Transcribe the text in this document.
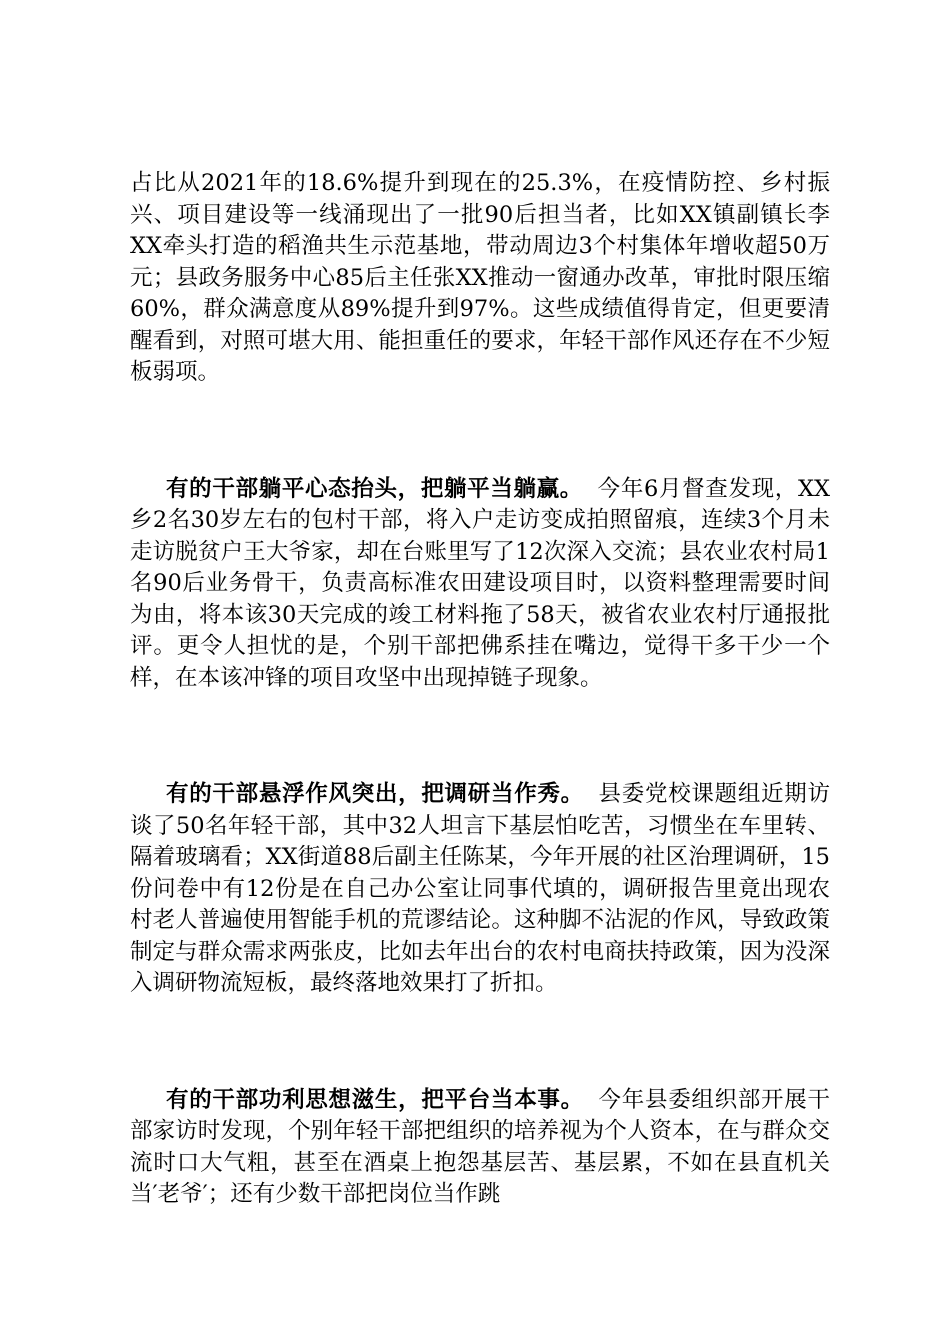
占比从2021年的18.6%提升到现在的25.3%，在疫情防控、乡村振兴、项目建设等一线涌现出了一批90后担当者，比如XX镇副镇长李XX牵头打造的稻渔共生示范基地，带动周边3个村集体年增收超50万元；县政务服务中心85后主任张XX推动一窗通办改革，审批时限压缩60%，群众满意度从89%提升到97%。这些成绩值得肯定，但更要清醒看到，对照可堪大用、能担重任的要求，年轻干部作风还存在不少短板弱项。

有的干部躺平心态抬头，把躺平当躺赢。 今年6月督查发现，XX乡2名30岁左右的包村干部，将入户走访变成拍照留痕，连续3个月未走访脱贫户王大爷家，却在台账里写了12次深入交流；县农业农村局1名90后业务骨干，负责高标准农田建设项目时，以资料整理需要时间为由，将本该30天完成的竣工材料拖了58天，被省农业农村厅通报批评。更令人担忧的是，个别干部把佛系挂在嘴边，觉得干多干少一个样，在本该冲锋的项目攻坚中出现掉链子现象。

有的干部悬浮作风突出，把调研当作秀。 县委党校课题组近期访谈了50名年轻干部，其中32人坦言下基层怕吃苦，习惯坐在车里转、隔着玻璃看；XX街道88后副主任陈某，今年开展的社区治理调研，15份问卷中有12份是在自己办公室让同事代填的，调研报告里竟出现农村老人普遍使用智能手机的荒谬结论。这种脚不沾泥的作风，导致政策制定与群众需求两张皮，比如去年出台的农村电商扶持政策，因为没深入调研物流短板，最终落地效果打了折扣。

有的干部功利思想滋生，把平台当本事。 今年县委组织部开展干部家访时发现，个别年轻干部把组织的培养视为个人资本，在与群众交流时口大气粗，甚至在酒桌上抱怨基层苦、基层累，不如在县直机关当′老爷′；还有少数干部把岗位当作跳
